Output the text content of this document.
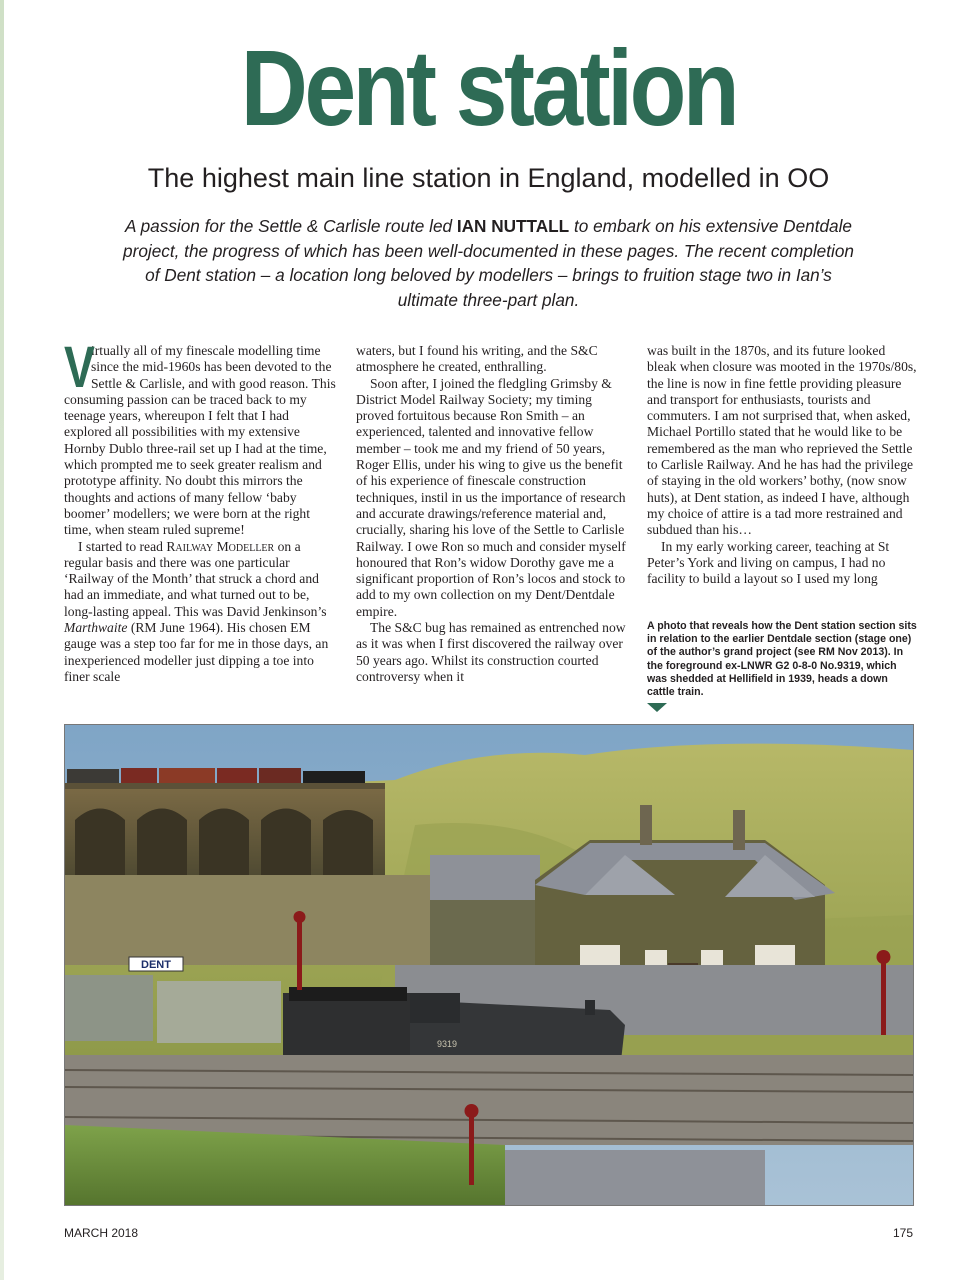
Dent station
The highest main line station in England, modelled in OO
A passion for the Settle & Carlisle route led IAN NUTTALL to embark on his extensive Dentdale project, the progress of which has been well-documented in these pages. The recent completion of Dent station – a location long beloved by modellers – brings to fruition stage two in Ian’s ultimate three-part plan.

V
irtually all of my finescale modelling time since the mid-1960s has been devoted to the Settle & Carlisle, and with good reason. This consuming passion can be traced back to my teenage years, whereupon I felt that I had explored all possibilities with my extensive Hornby Dublo three-rail set up I had at the time, which prompted me to seek greater realism and prototype affinity. No doubt this mirrors the thoughts and actions of many fellow ‘baby boomer’ modellers; we were born at the right time, when steam ruled supreme!

I started to read Railway Modeller on a regular basis and there was one particular ‘Railway of the Month’ that struck a chord and had an immediate, and what turned out to be, long-lasting appeal. This was David Jenkinson’s Marthwaite (RM June 1964). His chosen EM gauge was a step too far for me in those days, an inexperienced modeller just dipping a toe into finer scale

waters, but I found his writing, and the S&C atmosphere he created, enthralling.

Soon after, I joined the fledgling Grimsby & District Model Railway Society; my timing proved fortuitous because Ron Smith – an experienced, talented and innovative fellow member – took me and my friend of 50 years, Roger Ellis, under his wing to give us the benefit of his experience of finescale construction techniques, instil in us the importance of research and accurate drawings/reference material and, crucially, sharing his love of the Settle to Carlisle Railway. I owe Ron so much and consider myself honoured that Ron’s widow Dorothy gave me a significant proportion of Ron’s locos and stock to add to my own collection on my Dent/Dentdale empire.

The S&C bug has remained as entrenched now as it was when I first discovered the railway over 50 years ago. Whilst its construction courted controversy when it

was built in the 1870s, and its future looked bleak when closure was mooted in the 1970s/80s, the line is now in fine fettle providing pleasure and transport for enthusiasts, tourists and commuters. I am not surprised that, when asked, Michael Portillo stated that he would like to be remembered as the man who reprieved the Settle to Carlisle Railway. And he has had the privilege of staying in the old workers’ bothy, (now snow huts), at Dent station, as indeed I have, although my choice of attire is a tad more restrained and subdued than his…

In my early working career, teaching at St Peter’s York and living on campus, I had no facility to build a layout so I used my long

A photo that reveals how the Dent station section sits in relation to the earlier Dentdale section (stage one) of the author’s grand project (see RM Nov 2013). In the foreground ex-LNWR G2 0-8-0 No.9319, which was shedded at Hellifield in 1939, heads a down cattle train.
DENT
9319
MARCH 2018	175
